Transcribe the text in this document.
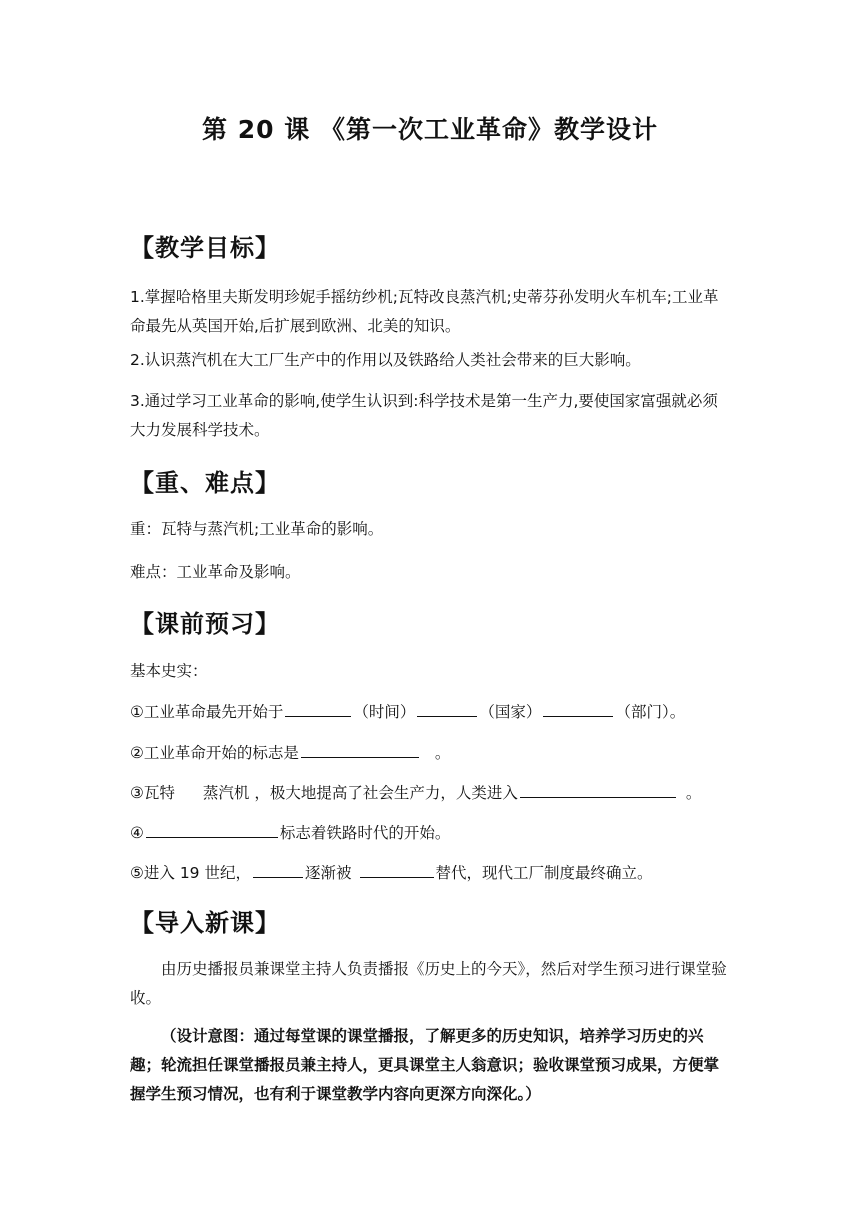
第 20 课 《第一次工业革命》教学设计
【教学目标】
1.掌握哈格里夫斯发明珍妮手摇纺纱机;瓦特改良蒸汽机;史蒂芬孙发明火车机车;工业革命最先从英国开始,后扩展到欧洲、北美的知识。
2.认识蒸汽机在大工厂生产中的作用以及铁路给人类社会带来的巨大影响。
3.通过学习工业革命的影响,使学生认识到:科学技术是第一生产力,要使国家富强就必须大力发展科学技术。
【重、难点】
重：瓦特与蒸汽机;工业革命的影响。
难点：工业革命及影响。
【课前预习】
基本史实：
①工业革命最先开始于	（时间）	（国家）	（部门）。
②工业革命开始的标志是	。
③瓦特 蒸汽机 ，极大地提高了社会生产力，人类进入	。
④	标志着铁路时代的开始。
⑤进入 19 世纪，	逐渐被	替代，现代工厂制度最终确立。
【导入新课】
由历史播报员兼课堂主持人负责播报《历史上的今天》，然后对学生预习进行课堂验收。
（设计意图：通过每堂课的课堂播报，了解更多的历史知识，培养学习历史的兴趣；轮流担任课堂播报员兼主持人，更具课堂主人翁意识；验收课堂预习成果，方便掌握学生预习情况，也有利于课堂教学内容向更深方向深化。）
